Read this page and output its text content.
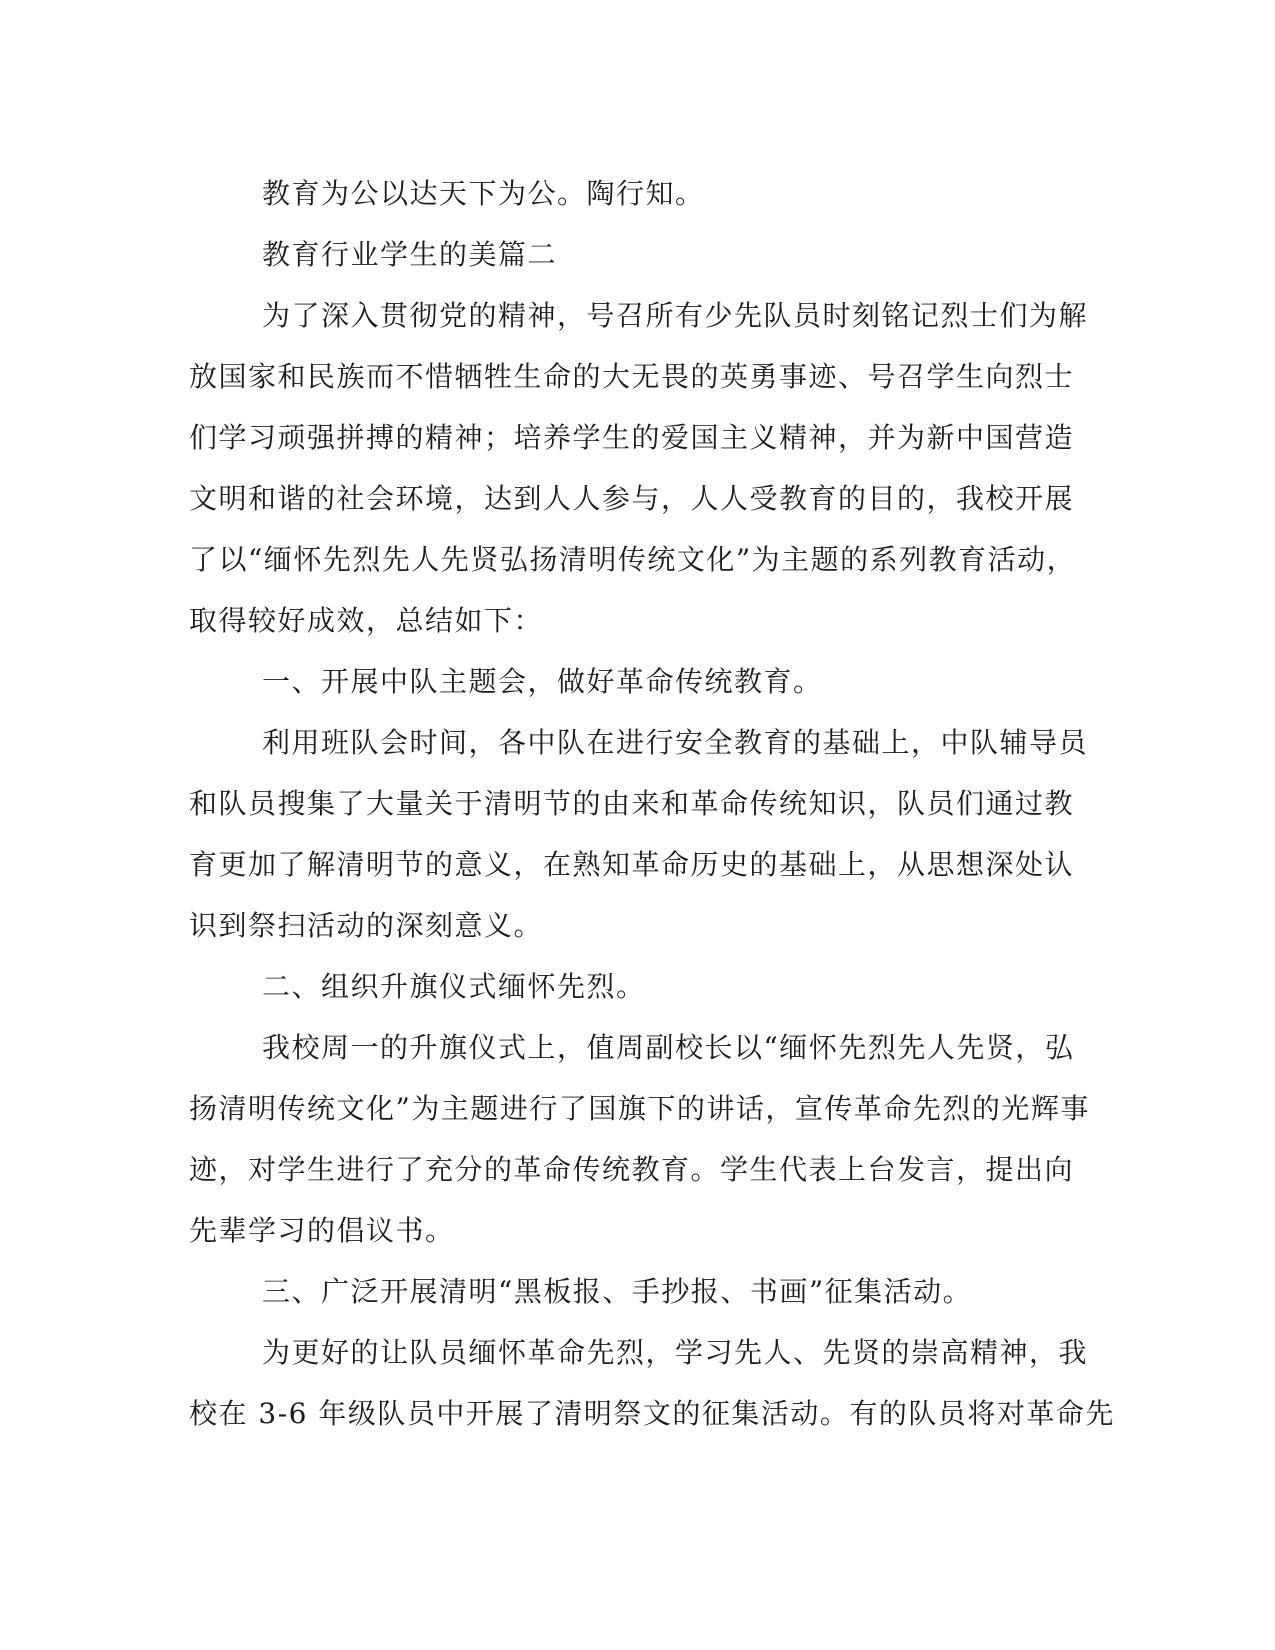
教育为公以达天下为公。陶行知。

教育行业学生的美篇二

为了深入贯彻党的精神，号召所有少先队员时刻铭记烈士们为解

放国家和民族而不惜牺牲生命的大无畏的英勇事迹、号召学生向烈士

们学习顽强拼搏的精神；培养学生的爱国主义精神，并为新中国营造

文明和谐的社会环境，达到人人参与，人人受教育的目的，我校开展

了以“缅怀先烈先人先贤弘扬清明传统文化”为主题的系列教育活动，

取得较好成效，总结如下：

一、开展中队主题会，做好革命传统教育。

利用班队会时间，各中队在进行安全教育的基础上，中队辅导员

和队员搜集了大量关于清明节的由来和革命传统知识，队员们通过教

育更加了解清明节的意义，在熟知革命历史的基础上，从思想深处认

识到祭扫活动的深刻意义。

二、组织升旗仪式缅怀先烈。

我校周一的升旗仪式上，值周副校长以“缅怀先烈先人先贤，弘

扬清明传统文化”为主题进行了国旗下的讲话，宣传革命先烈的光辉事

迹，对学生进行了充分的革命传统教育。学生代表上台发言，提出向

先辈学习的倡议书。

三、广泛开展清明“黑板报、手抄报、书画”征集活动。

为更好的让队员缅怀革命先烈，学习先人、先贤的崇高精神，我

校在 3-6 年级队员中开展了清明祭文的征集活动。有的队员将对革命先
